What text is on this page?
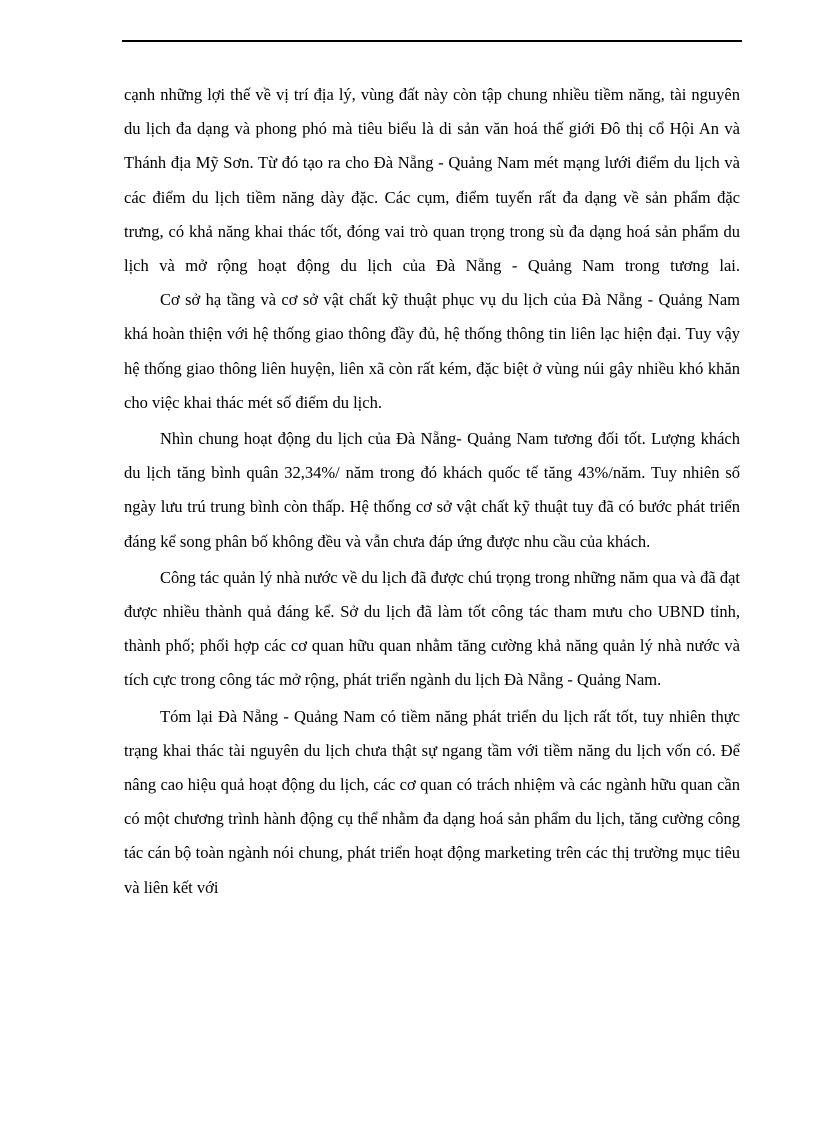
cạnh những lợi thế về vị trí địa lý, vùng đất này còn tập chung nhiều tiềm năng, tài nguyên du lịch đa dạng và phong phó mà tiêu biểu là di sản văn hoá thế giới Đô thị cổ Hội An và Thánh địa Mỹ Sơn. Từ đó tạo ra cho Đà Nẵng - Quảng Nam mét mạng lưới điểm du lịch và các điểm du lịch tiềm năng dày đặc. Các cụm, điểm tuyến rất đa dạng về sản phẩm đặc trưng, có khả năng khai thác tốt, đóng vai trò quan trọng trong sù đa dạng hoá sản phẩm du lịch và mở rộng hoạt động du lịch của Đà Nẵng - Quảng Nam trong tương lai.

Cơ sở hạ tầng và cơ sở vật chất kỹ thuật phục vụ du lịch của Đà Nẵng - Quảng Nam khá hoàn thiện với hệ thống giao thông đầy đủ, hệ thống thông tin liên lạc hiện đại. Tuy vậy hệ thống giao thông liên huyện, liên xã còn rất kém, đặc biệt ở vùng núi gây nhiều khó khăn cho việc khai thác mét số điểm du lịch.

Nhìn chung hoạt động du lịch của Đà Nẵng- Quảng Nam tương đối tốt. Lượng khách du lịch tăng bình quân 32,34%/ năm trong đó khách quốc tế tăng 43%/năm. Tuy nhiên số ngày lưu trú trung bình còn thấp. Hệ thống cơ sở vật chất kỹ thuật tuy đã có bước phát triển đáng kể song phân bố không đều và vẫn chưa đáp ứng được nhu cầu của khách.

Công tác quản lý nhà nước về du lịch đã được chú trọng trong những năm qua và đã đạt được nhiều thành quả đáng kể. Sở du lịch đã làm tốt công tác tham mưu cho UBND tỉnh, thành phố; phối hợp các cơ quan hữu quan nhằm tăng cường khả năng quản lý nhà nước và tích cực trong công tác mở rộng, phát triển ngành du lịch Đà Nẵng - Quảng Nam.

Tóm lại Đà Nẵng - Quảng Nam có tiềm năng phát triển du lịch rất tốt, tuy nhiên thực trạng khai thác tài nguyên du lịch chưa thật sự ngang tầm với tiềm năng du lịch vốn có. Để nâng cao hiệu quả hoạt động du lịch, các cơ quan có trách nhiệm và các ngành hữu quan cần có một chương trình hành động cụ thể nhằm đa dạng hoá sản phẩm du lịch, tăng cường công tác cán bộ toàn ngành nói chung, phát triển hoạt động marketing trên các thị trường mục tiêu và liên kết với
